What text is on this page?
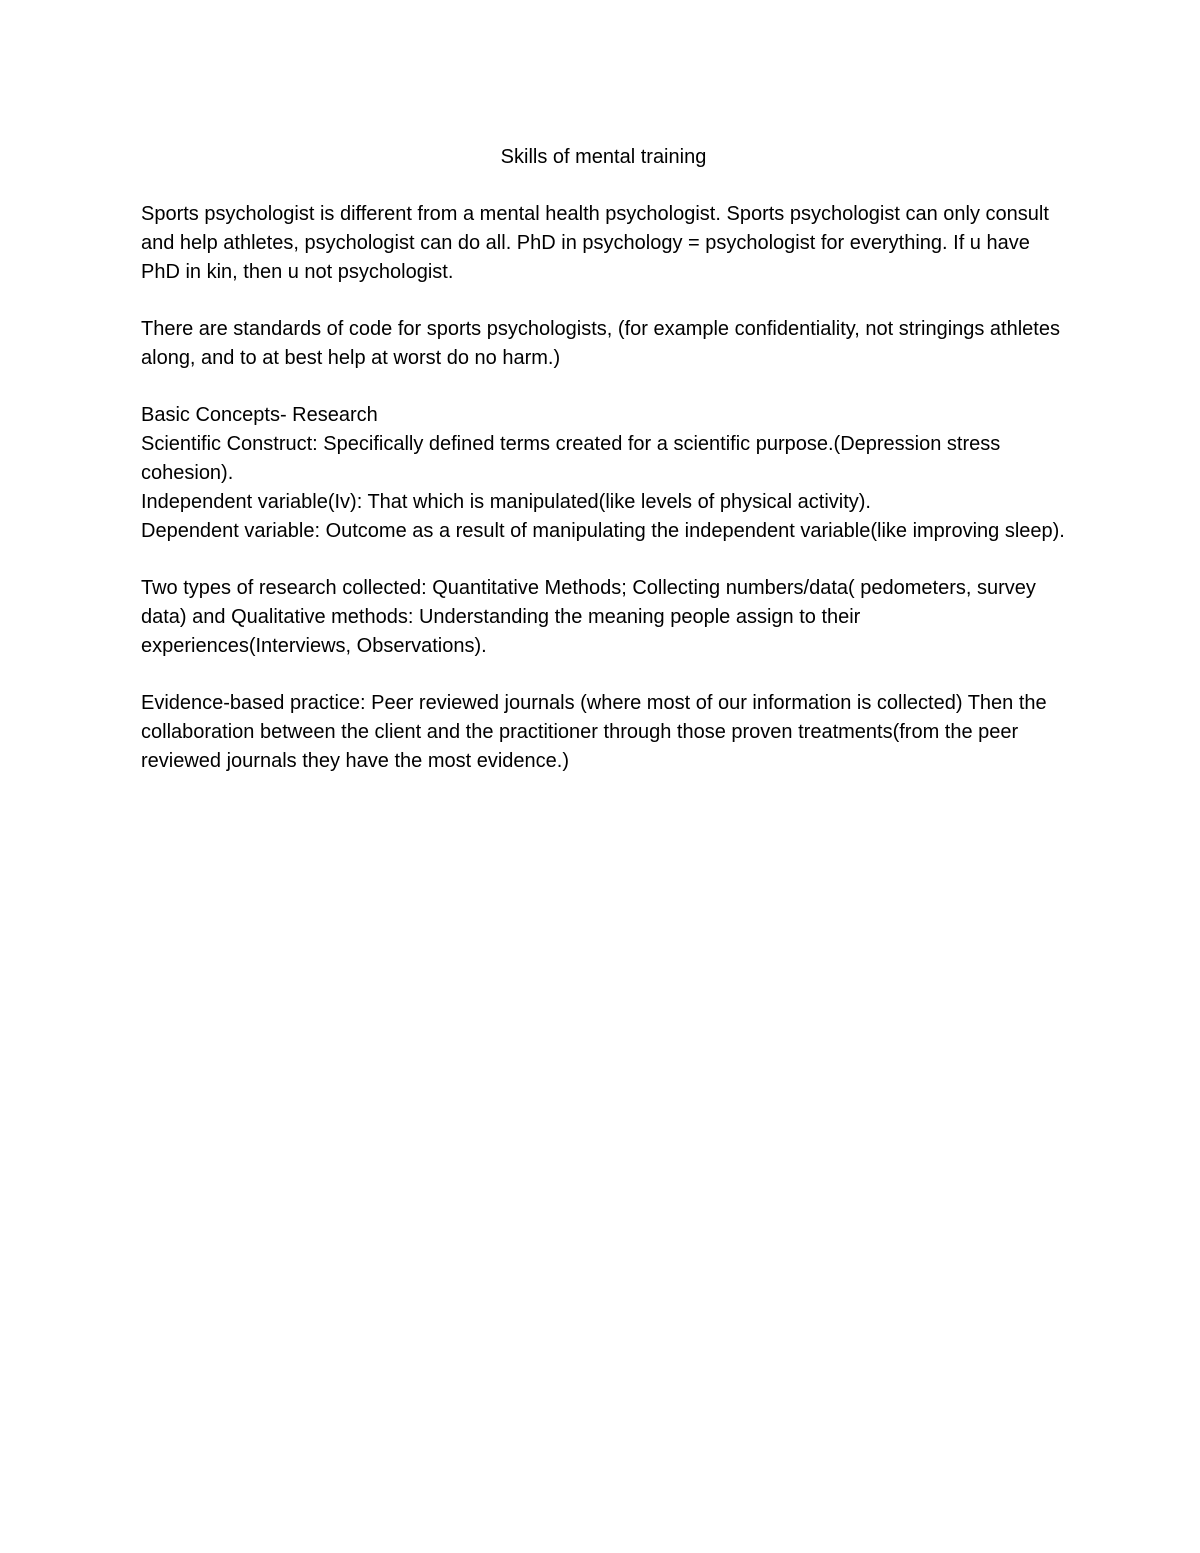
Skills of mental training
Sports psychologist is different from a mental health psychologist. Sports psychologist can only consult and help athletes, psychologist can do all. PhD in psychology = psychologist for everything. If u have PhD in kin, then u not psychologist.
There are standards of code for sports psychologists, (for example confidentiality, not stringings athletes along, and to at best help at worst do no harm.)
Basic Concepts- Research
Scientific Construct: Specifically defined terms created for a scientific purpose.(Depression stress cohesion).
Independent variable(Iv): That which is manipulated(like levels of physical activity).
Dependent variable: Outcome as a result of manipulating the independent variable(like improving sleep).
Two types of research collected: Quantitative Methods; Collecting numbers/data( pedometers, survey data) and Qualitative methods: Understanding the meaning people assign to their experiences(Interviews, Observations).
Evidence-based practice: Peer reviewed journals (where most of our information is collected) Then the collaboration between the client and the practitioner through those proven treatments(from the peer reviewed journals they have the most evidence.)
